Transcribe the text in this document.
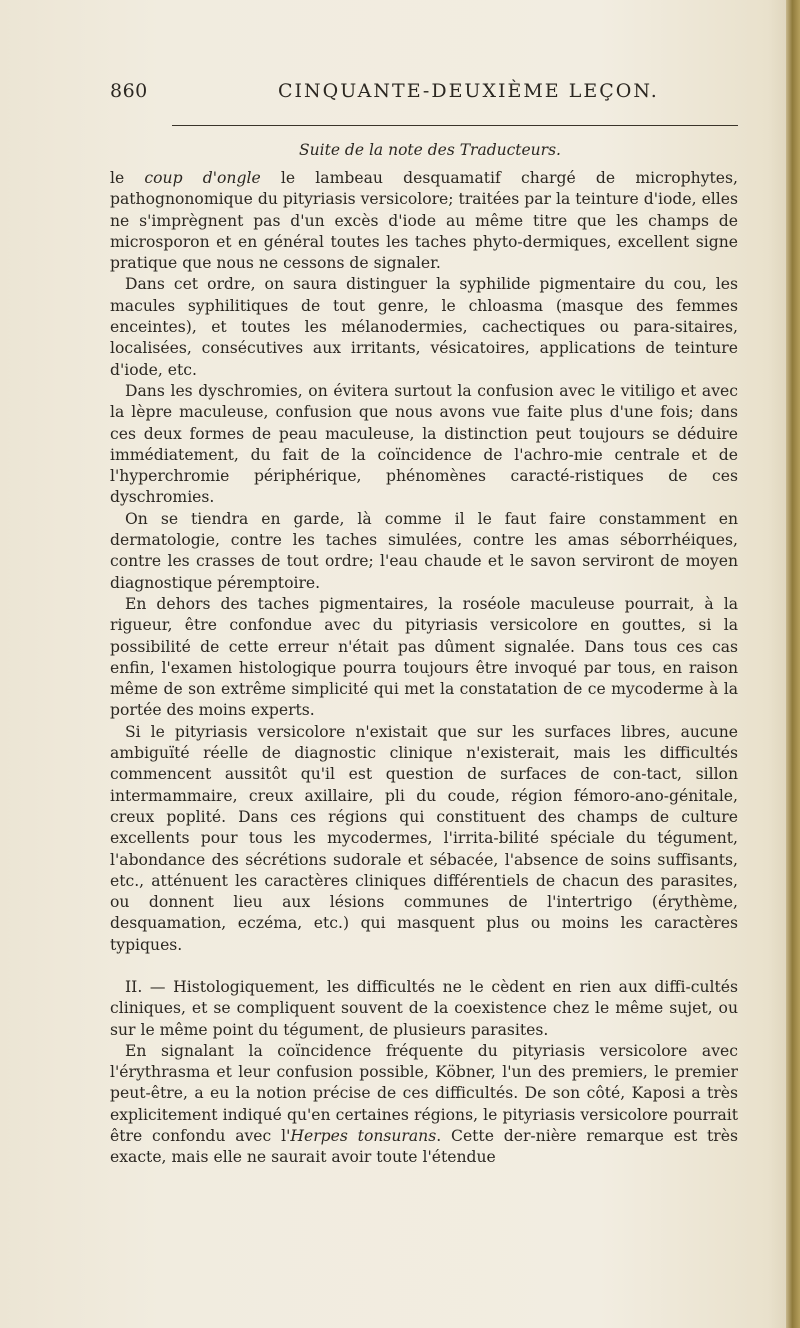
860	CINQUANTE-DEUXIÈME LEÇON.
Suite de la note des Traducteurs.

le coup d'ongle le lambeau desquamatif chargé de microphytes, pathognonomique du pityriasis versicolore; traitées par la teinture d'iode, elles ne s'imprègnent pas d'un excès d'iode au même titre que les champs de microsporon et en général toutes les taches phyto-dermiques, excellent signe pratique que nous ne cessons de signaler.

Dans cet ordre, on saura distinguer la syphilide pigmentaire du cou, les macules syphilitiques de tout genre, le chloasma (masque des femmes enceintes), et toutes les mélanodermies, cachectiques ou para-sitaires, localisées, consécutives aux irritants, vésicatoires, applications de teinture d'iode, etc.

Dans les dyschromies, on évitera surtout la confusion avec le vitiligo et avec la lèpre maculeuse, confusion que nous avons vue faite plus d'une fois; dans ces deux formes de peau maculeuse, la distinction peut toujours se déduire immédiatement, du fait de la coïncidence de l'achro-mie centrale et de l'hyperchromie périphérique, phénomènes caracté-ristiques de ces dyschromies.

On se tiendra en garde, là comme il le faut faire constamment en dermatologie, contre les taches simulées, contre les amas séborrhéiques, contre les crasses de tout ordre; l'eau chaude et le savon serviront de moyen diagnostique péremptoire.

En dehors des taches pigmentaires, la roséole maculeuse pourrait, à la rigueur, être confondue avec du pityriasis versicolore en gouttes, si la possibilité de cette erreur n'était pas dûment signalée. Dans tous ces cas enfin, l'examen histologique pourra toujours être invoqué par tous, en raison même de son extrême simplicité qui met la constatation de ce mycoderme à la portée des moins experts.

Si le pityriasis versicolore n'existait que sur les surfaces libres, aucune ambiguïté réelle de diagnostic clinique n'existerait, mais les difficultés commencent aussitôt qu'il est question de surfaces de con-tact, sillon intermammaire, creux axillaire, pli du coude, région fémoro-ano-génitale, creux poplité. Dans ces régions qui constituent des champs de culture excellents pour tous les mycodermes, l'irrita-bilité spéciale du tégument, l'abondance des sécrétions sudorale et sébacée, l'absence de soins suffisants, etc., atténuent les caractères cliniques différentiels de chacun des parasites, ou donnent lieu aux lésions communes de l'intertrigo (érythème, desquamation, eczéma, etc.) qui masquent plus ou moins les caractères typiques.

II. — Histologiquement, les difficultés ne le cèdent en rien aux diffi-cultés cliniques, et se compliquent souvent de la coexistence chez le même sujet, ou sur le même point du tégument, de plusieurs parasites.

En signalant la coïncidence fréquente du pityriasis versicolore avec l'érythrasma et leur confusion possible, Köbner, l'un des premiers, le premier peut-être, a eu la notion précise de ces difficultés. De son côté, Kaposi a très explicitement indiqué qu'en certaines régions, le pityriasis versicolore pourrait être confondu avec l'Herpes tonsurans. Cette der-nière remarque est très exacte, mais elle ne saurait avoir toute l'étendue
